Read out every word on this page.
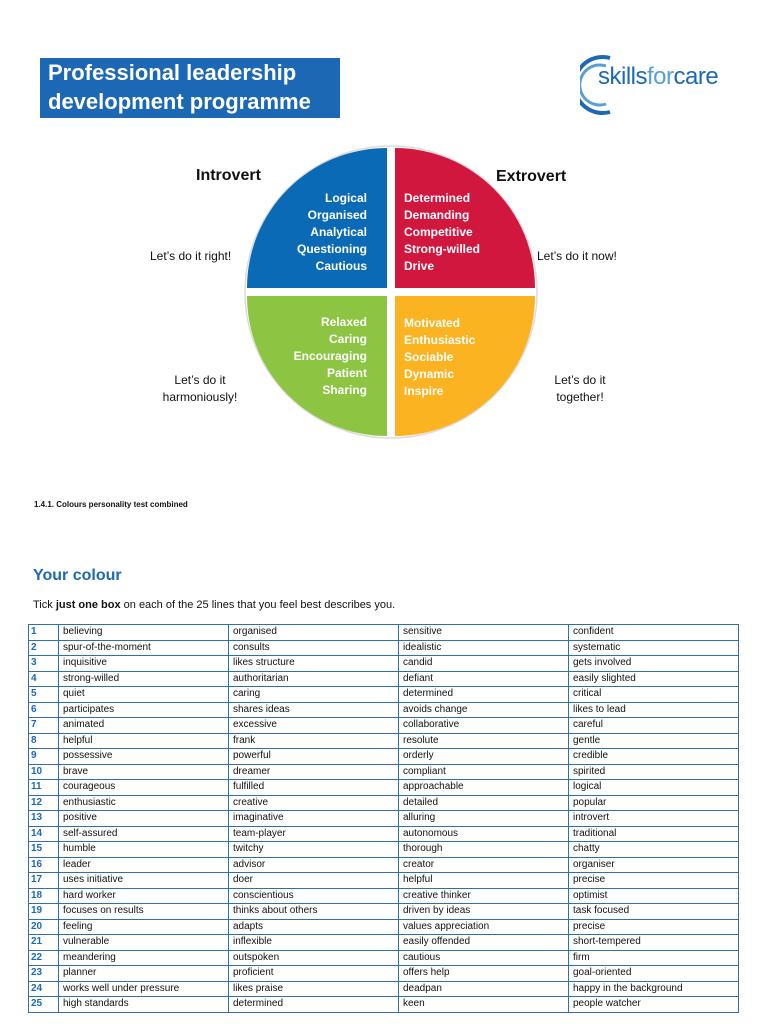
Professional leadership
development programme
skillsforcare
Logical
Organised
Analytical
Questioning
Cautious
Determined
Demanding
Competitive
Strong-willed
Drive
Relaxed
Caring
Encouraging
Patient
Sharing
Motivated
Enthusiastic
Sociable
Dynamic
Inspire
Introvert	Extrovert
Let’s do it right!	Let’s do it now!
Let’s do it
harmoniously!
Let’s do it
together!
1.4.1. Colours personality test combined
Your colour
Tick just one box on each of the 25 lines that you feel best describes you.
1	believing	organised	sensitive	confident
2	spur-of-the-moment	consults	idealistic	systematic
3	inquisitive	likes structure	candid	gets involved
4	strong-willed	authoritarian	defiant	easily slighted
5	quiet	caring	determined	critical
6	participates	shares ideas	avoids change	likes to lead
7	animated	excessive	collaborative	careful
8	helpful	frank	resolute	gentle
9	possessive	powerful	orderly	credible
10	brave	dreamer	compliant	spirited
11	courageous	fulfilled	approachable	logical
12	enthusiastic	creative	detailed	popular
13	positive	imaginative	alluring	introvert
14	self-assured	team-player	autonomous	traditional
15	humble	twitchy	thorough	chatty
16	leader	advisor	creator	organiser
17	uses initiative	doer	helpful	precise
18	hard worker	conscientious	creative thinker	optimist
19	focuses on results	thinks about others	driven by ideas	task focused
20	feeling	adapts	values appreciation	precise
21	vulnerable	inflexible	easily offended	short-tempered
22	meandering	outspoken	cautious	firm
23	planner	proficient	offers help	goal-oriented
24	works well under pressure	likes praise	deadpan	happy in the background
25	high standards	determined	keen	people watcher
